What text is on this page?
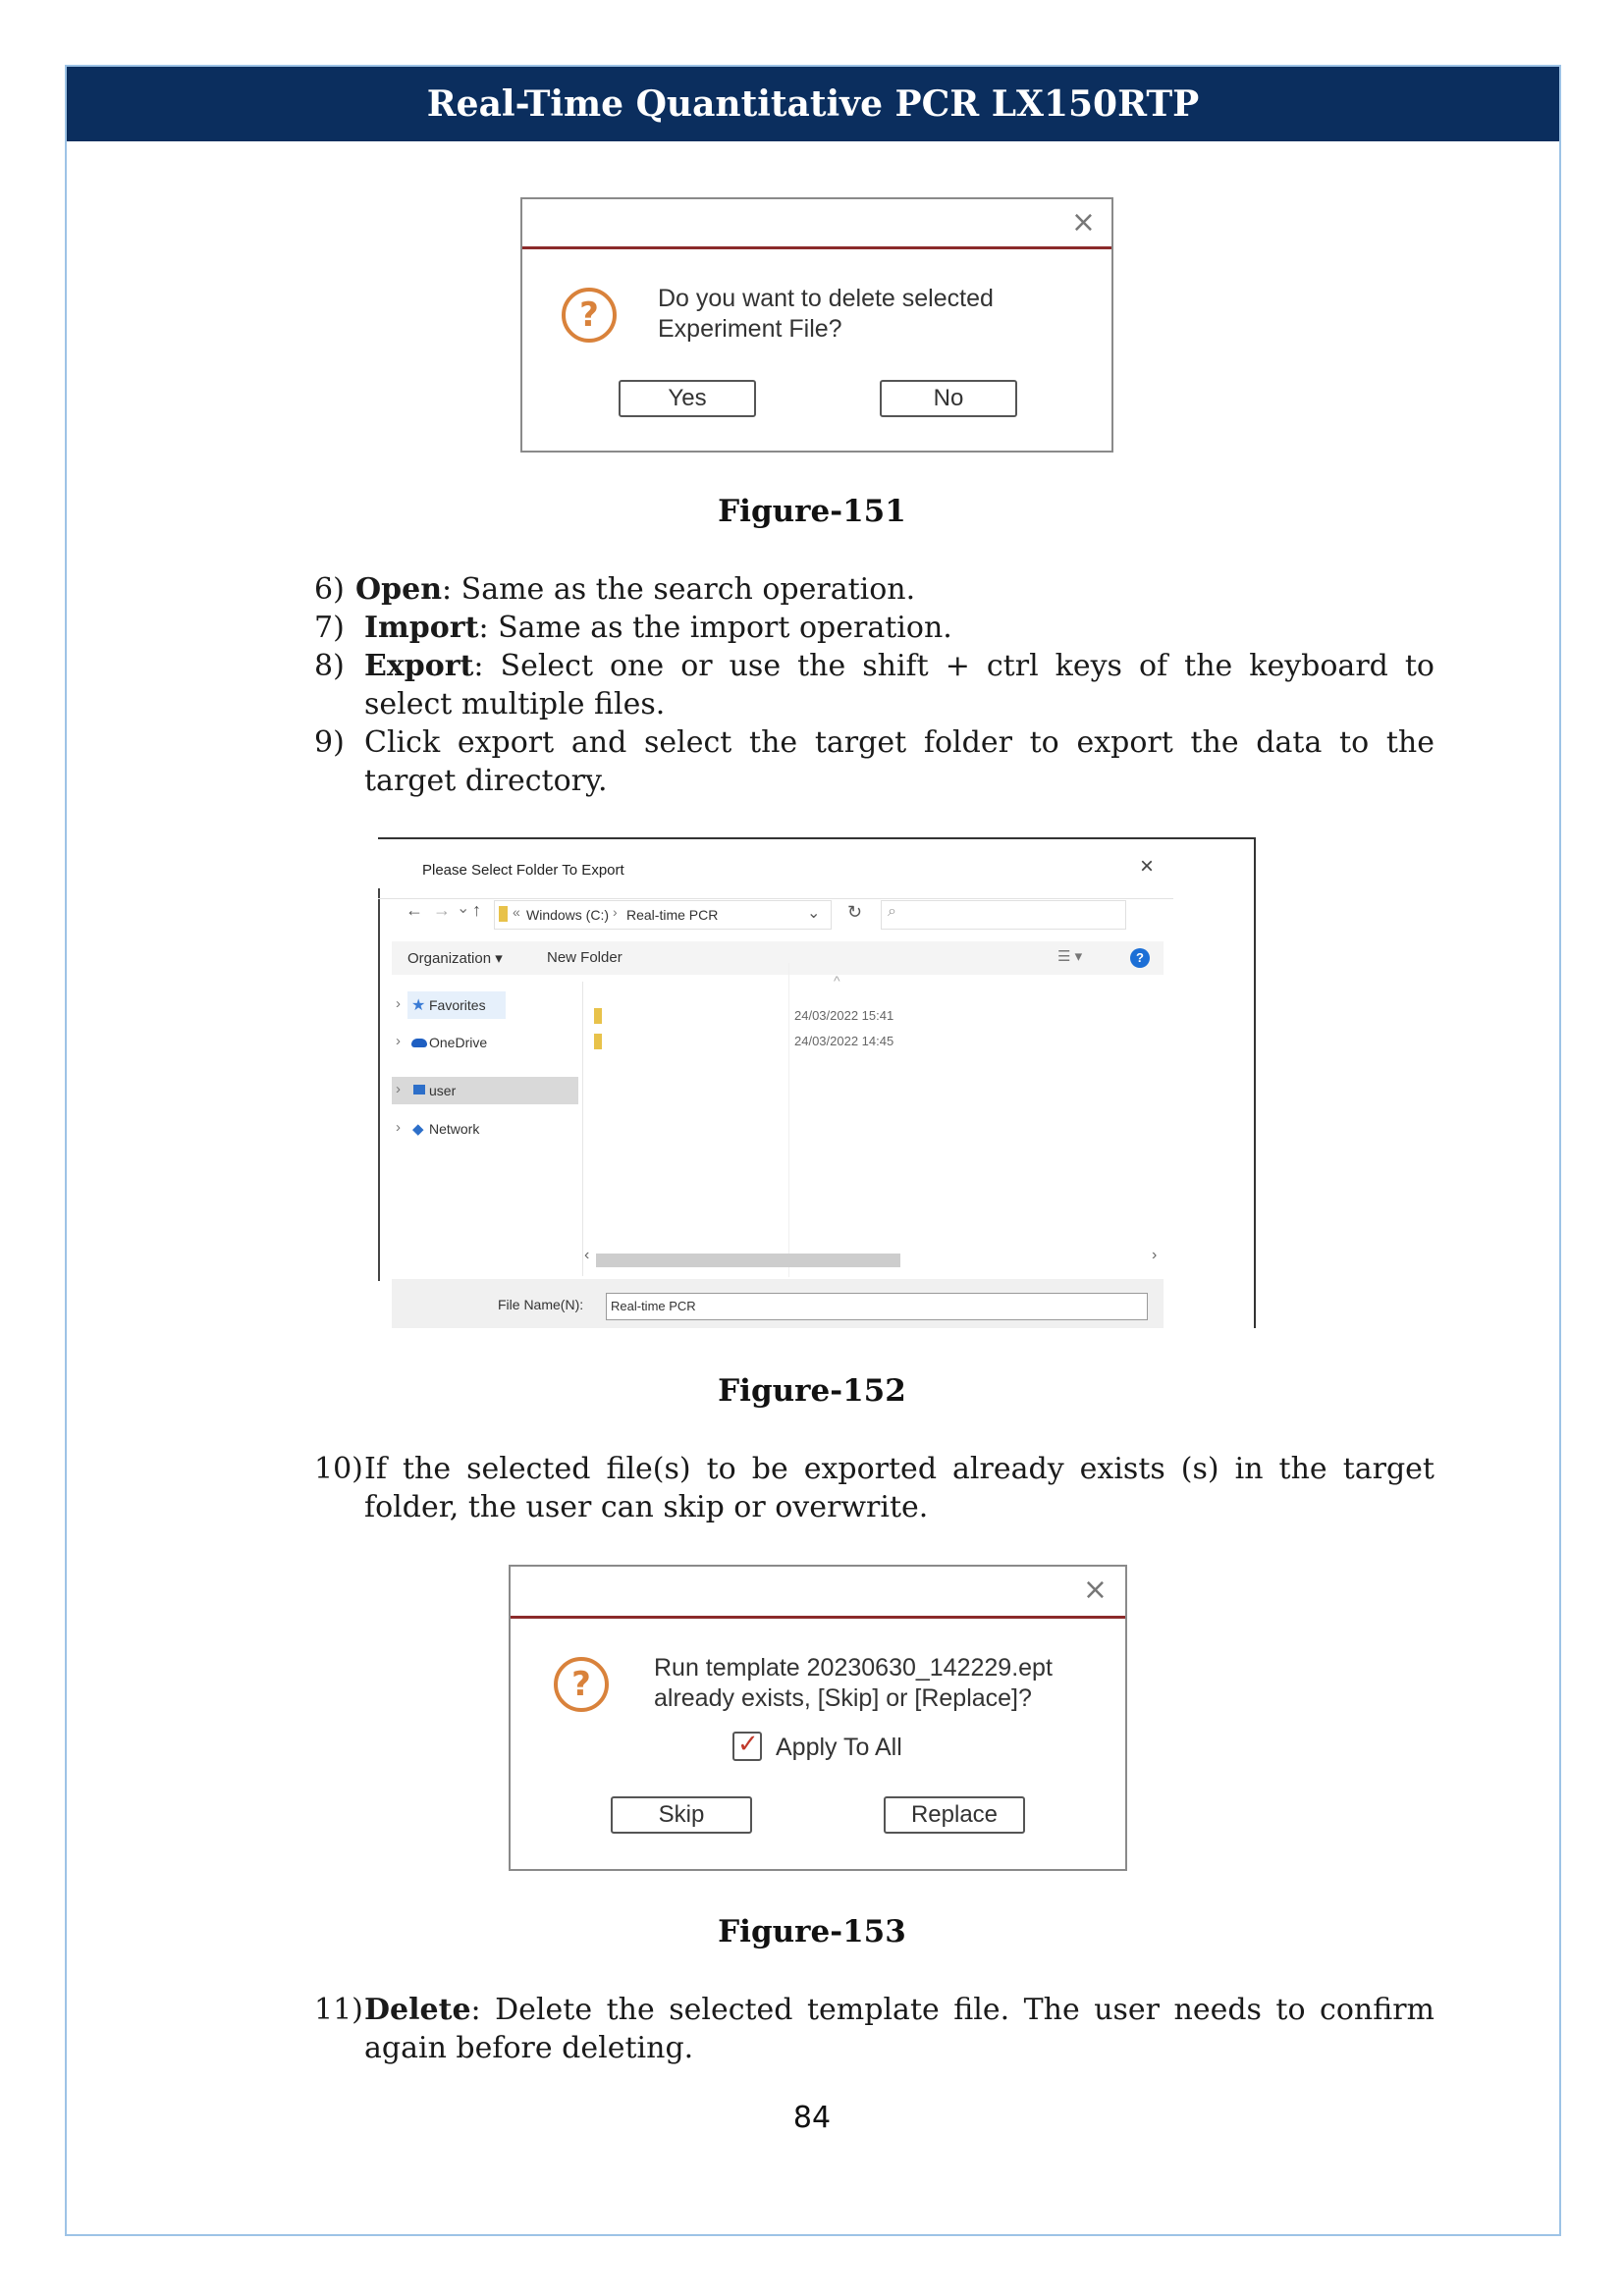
Real-Time Quantitative PCR LX150RTP
×
?	Do you want to delete selected
Experiment File?
Yes	No
Figure-151
6) Open: Same as the search operation.
7) Import: Same as the import operation.
8) Export: Select one or use the shift + ctrl keys of the keyboard to select multiple files.
9) Click export and select the target folder to export the data to the target directory.
Please Select Folder To Export	×
← → ⌄ ↑ « Windows (C:) › Real-time PCR	⌄ ↻ ⌕
Organization ▾	New Folder	☰ ▾	?
^
› ★ Favorites
› OneDrive
› user
› ◆ Network
24/03/2022 15:41
24/03/2022 14:45
‹	›
File Name(N): Real-time PCR
Figure-152
10) If the selected file(s) to be exported already exists (s) in the target folder, the user can skip or overwrite.
×
?	Run template 20230630_142229.ept
already exists, [Skip] or [Replace]?
✓ Apply To All
Skip	Replace
Figure-153
11) Delete: Delete the selected template file. The user needs to confirm again before deleting.
84
